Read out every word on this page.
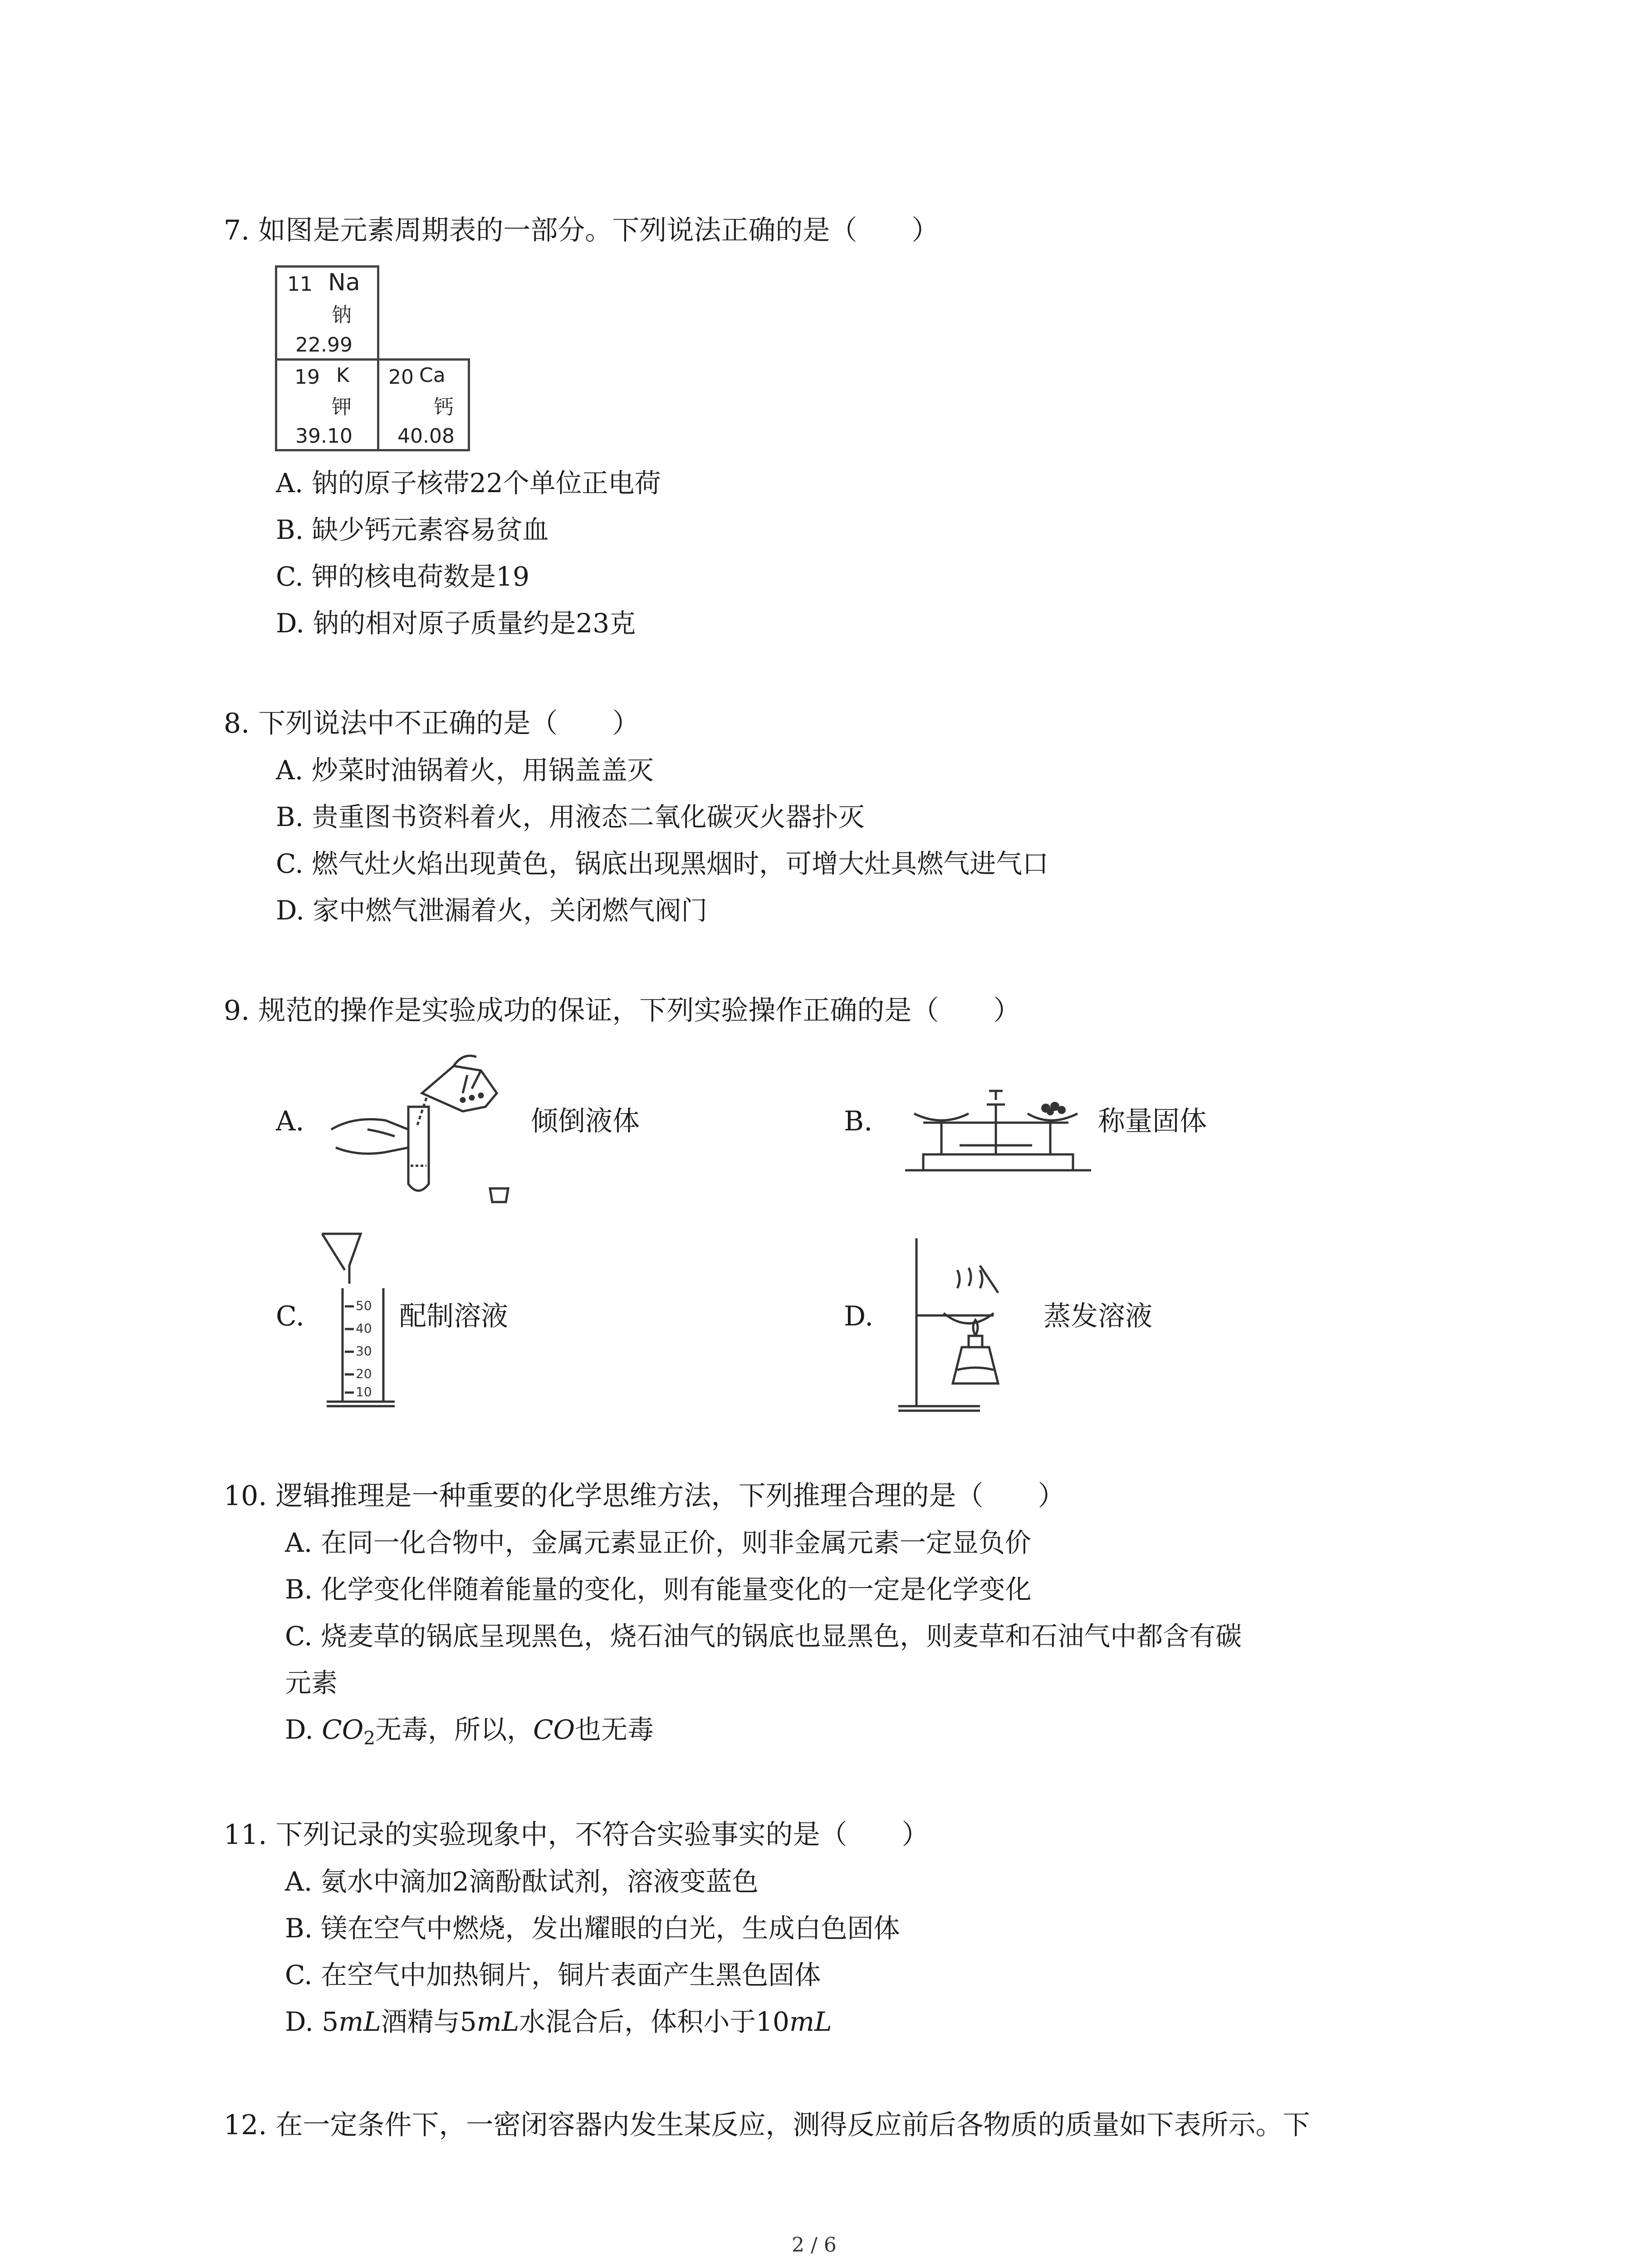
7. 如图是元素周期表的一部分。下列说法正确的是（　　）
11 Na
钠
22.99
19 K
钾
39.10
20 Ca
钙
40.08
A. 钠的原子核带22个单位正电荷
B. 缺少钙元素容易贫血
C. 钾的核电荷数是19
D. 钠的相对原子质量约是23克
8. 下列说法中不正确的是（　　）
A. 炒菜时油锅着火，用锅盖盖灭
B. 贵重图书资料着火，用液态二氧化碳灭火器扑灭
C. 燃气灶火焰出现黄色，锅底出现黑烟时，可增大灶具燃气进气口
D. 家中燃气泄漏着火，关闭燃气阀门
9. 规范的操作是实验成功的保证，下列实验操作正确的是（　　）
A.	倾倒液体	B.	称量固体
C.	50
40
30
20
10
配制溶液	D.	蒸发溶液
10. 逻辑推理是一种重要的化学思维方法，下列推理合理的是（　　）
A. 在同一化合物中，金属元素显正价，则非金属元素一定显负价
B. 化学变化伴随着能量的变化，则有能量变化的一定是化学变化
C. 烧麦草的锅底呈现黑色，烧石油气的锅底也显黑色，则麦草和石油气中都含有碳
元素
D. $CO_2$无毒，所以，CO也无毒
11. 下列记录的实验现象中，不符合实验事实的是（　　）
A. 氨水中滴加2滴酚酞试剂，溶液变蓝色
B. 镁在空气中燃烧，发出耀眼的白光，生成白色固体
C. 在空气中加热铜片，铜片表面产生黑色固体
D. 5mL酒精与5mL水混合后，体积小于10mL
12. 在一定条件下，一密闭容器内发生某反应，测得反应前后各物质的质量如下表所示。下
2 / 6
